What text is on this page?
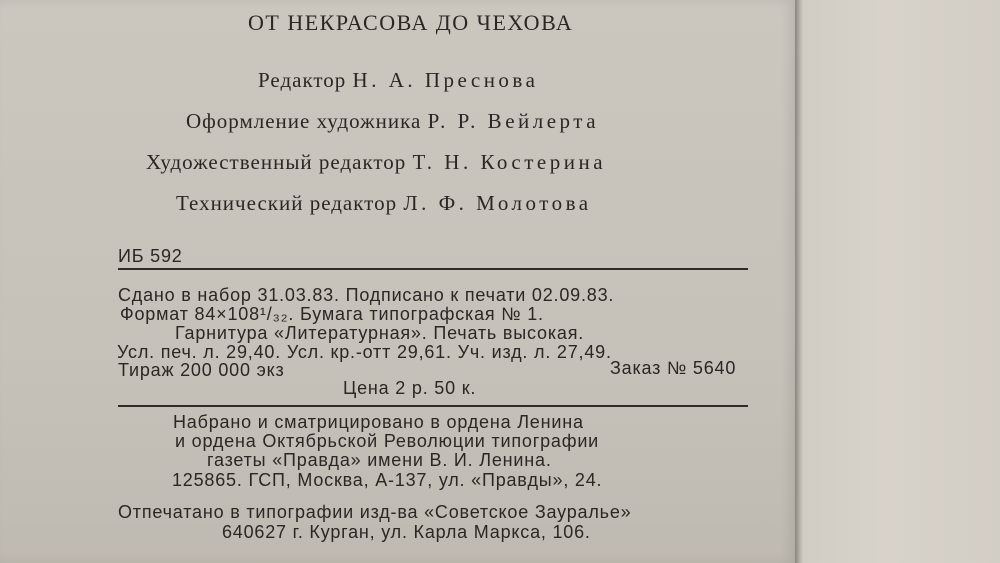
ОТ НЕКРАСОВА ДО ЧЕХОВА

Редактор Н. А. Преснова

Оформление художника Р. Р. Вейлерта

Художественный редактор Т. Н. Костерина

Технический редактор Л. Ф. Молотова

ИБ 592

Сдано в набор 31.03.83. Подписано к печати 02.09.83.

Формат 84×108¹/₃₂. Бумага типографская № 1.

Гарнитура «Литературная». Печать высокая.

Усл. печ. л. 29,40. Усл. кр.-отт 29,61. Уч. изд. л. 27,49.

Тираж 200 000 экз	Заказ № 5640

Цена 2 р. 50 к.

Набрано и сматрицировано в ордена Ленина

и ордена Октябрьской Революции типографии

газеты «Правда» имени В. И. Ленина.

125865. ГСП, Москва, А-137, ул. «Правды», 24.

Отпечатано в типографии изд-ва «Советское Зауралье»

640627 г. Курган, ул. Карла Маркса, 106.
